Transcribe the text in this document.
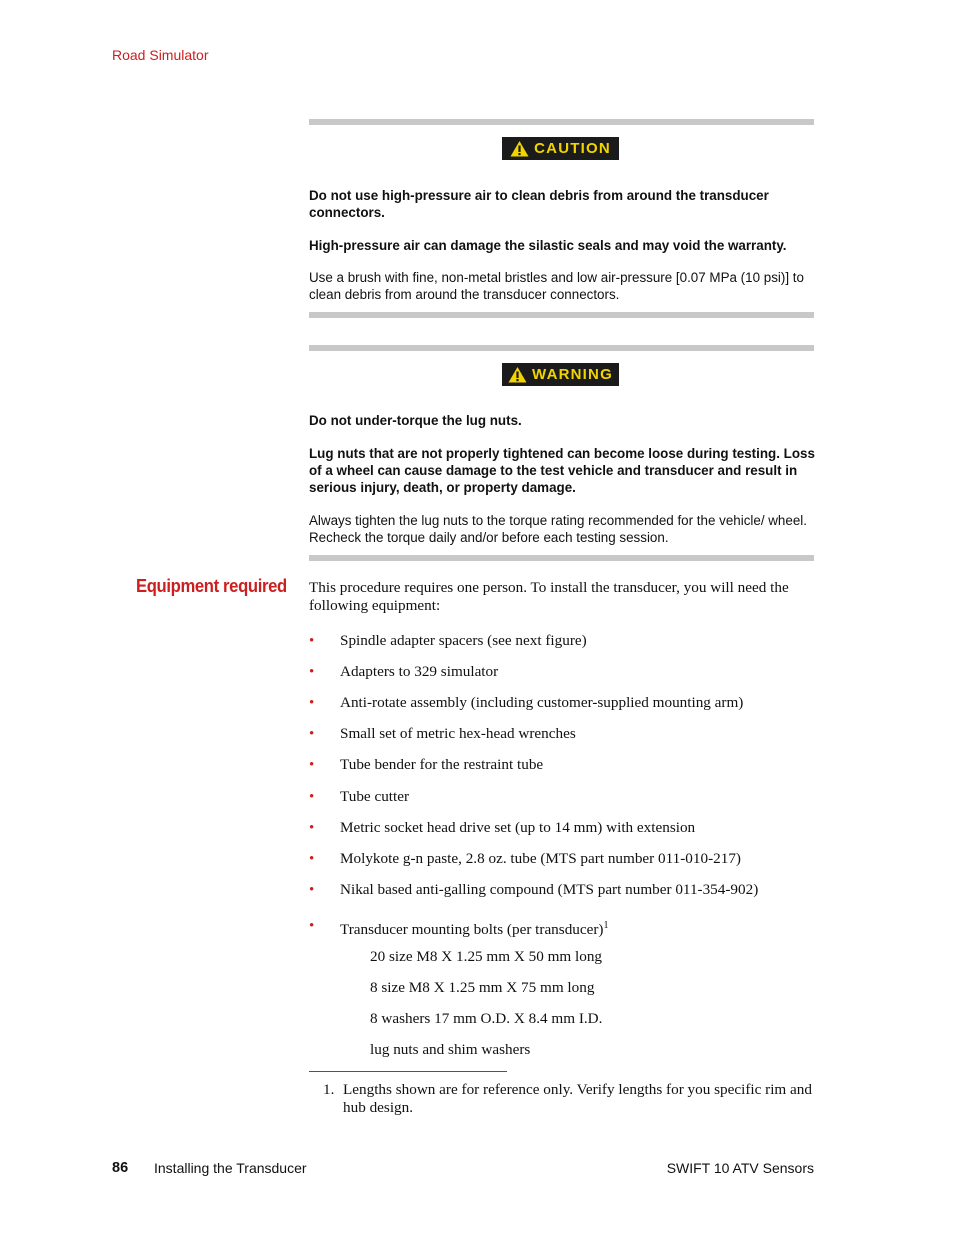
Road Simulator
CAUTION
Do not use high-pressure air to clean debris from around the transducer connectors.
High-pressure air can damage the silastic seals and may void the warranty.
Use a brush with fine, non-metal bristles and low air-pressure [0.07 MPa (10 psi)] to clean debris from around the transducer connectors.
WARNING
Do not under-torque the lug nuts.
Lug nuts that are not properly tightened can become loose during testing. Loss of a wheel can cause damage to the test vehicle and transducer and result in serious injury, death, or property damage.
Always tighten the lug nuts to the torque rating recommended for the vehicle/ wheel. Recheck the torque daily and/or before each testing session.
Equipment required This procedure requires one person. To install the transducer, you will need the following equipment:
• Spindle adapter spacers (see next figure)
• Adapters to 329 simulator
• Anti-rotate assembly (including customer-supplied mounting arm)
• Small set of metric hex-head wrenches
• Tube bender for the restraint tube
• Tube cutter
• Metric socket head drive set (up to 14 mm) with extension
• Molykote g-n paste, 2.8 oz. tube (MTS part number 011-010-217)
• Nikal based anti-galling compound (MTS part number 011-354-902)
• Transducer mounting bolts (per transducer)$^1$
20 size M8 X 1.25 mm X 50 mm long
8 size M8 X 1.25 mm X 75 mm long
8 washers 17 mm O.D. X 8.4 mm I.D.
lug nuts and shim washers
1. Lengths shown are for reference only. Verify lengths for you specific rim and hub design.
86 Installing the Transducer	SWIFT 10 ATV Sensors
